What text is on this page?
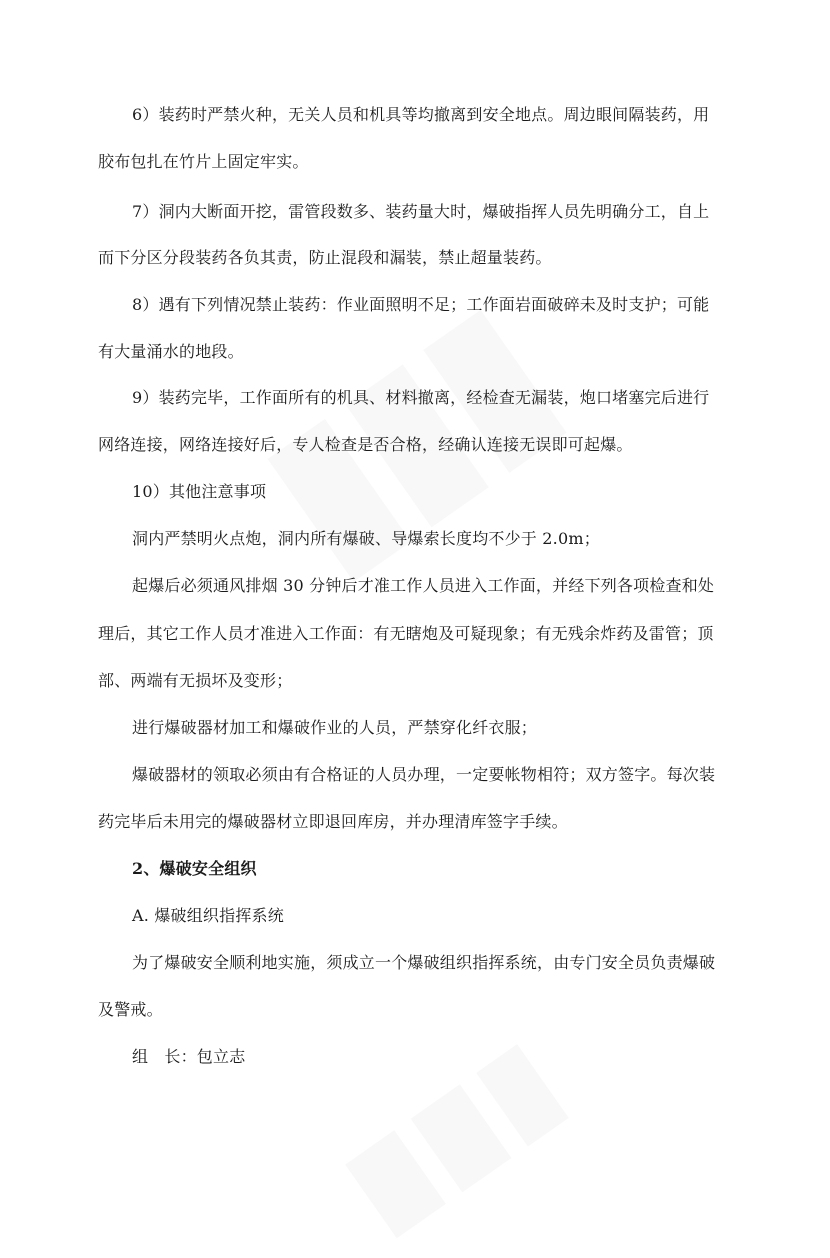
6）装药时严禁火种，无关人员和机具等均撤离到安全地点。周边眼间隔装药，用
胶布包扎在竹片上固定牢实。
7）洞内大断面开挖，雷管段数多、装药量大时，爆破指挥人员先明确分工，自上
而下分区分段装药各负其责，防止混段和漏装，禁止超量装药。
8）遇有下列情况禁止装药：作业面照明不足；工作面岩面破碎未及时支护；可能
有大量涌水的地段。
9）装药完毕，工作面所有的机具、材料撤离，经检查无漏装，炮口堵塞完后进行
网络连接，网络连接好后，专人检查是否合格，经确认连接无误即可起爆。
10）其他注意事项
洞内严禁明火点炮，洞内所有爆破、导爆索长度均不少于 2.0m；
起爆后必须通风排烟 30 分钟后才准工作人员进入工作面，并经下列各项检查和处
理后，其它工作人员才准进入工作面：有无瞎炮及可疑现象；有无残余炸药及雷管；顶
部、两端有无损坏及变形；
进行爆破器材加工和爆破作业的人员，严禁穿化纤衣服；
爆破器材的领取必须由有合格证的人员办理，一定要帐物相符；双方签字。每次装
药完毕后未用完的爆破器材立即退回库房，并办理清库签字手续。
2、爆破安全组织
A. 爆破组织指挥系统
为了爆破安全顺利地实施，须成立一个爆破组织指挥系统，由专门安全员负责爆破
及警戒。
组　长：包立志
